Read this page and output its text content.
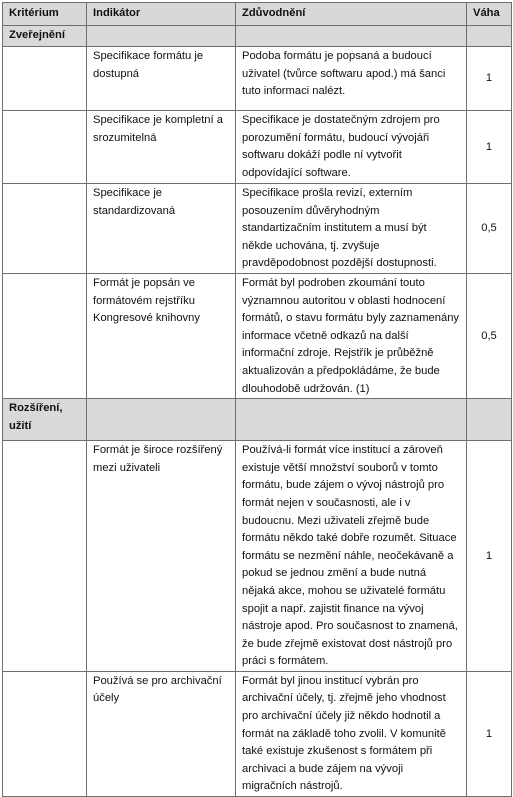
Kritérium	Indikátor	Zdůvodnění	Váha
Zveřejnění			
	Specifikace formátu je dostupná	Podoba formátu je popsaná a budoucí uživatel (tvůrce softwaru apod.) má šanci tuto informaci nalézt.	1
	Specifikace je kompletní a srozumitelná	Specifikace je dostatečným zdrojem pro porozumění formátu, budoucí vývojáři softwaru dokáží podle ní vytvořit odpovídající software.	1
	Specifikace je standardizovaná	Specifikace prošla revizí, externím posouzením důvěryhodným standartizačním institutem a musí být někde uchována, tj. zvyšuje pravděpodobnost pozdější dostupnosti.	0,5
	Formát je popsán ve formátovém rejstříku Kongresové knihovny	Formát byl podroben zkoumání touto významnou autoritou v oblasti hodnocení formátů, o stavu formátu byly zaznamenány informace včetně odkazů na další informační zdroje. Rejstřík je průběžně aktualizován a předpokládáme, že bude dlouhodobě udržován. (1)	0,5
Rozšíření, užití			
	Formát je široce rozšířený mezi uživateli	Používá-li formát více institucí a zároveň existuje větší množství souborů v tomto formátu, bude zájem o vývoj nástrojů pro formát nejen v současnosti, ale i v budoucnu. Mezi uživateli zřejmě bude formátu někdo také dobře rozumět. Situace formátu se nezmění náhle, neočekávaně a pokud se jednou změní a bude nutná nějaká akce, mohou se uživatelé formátu spojit a např. zajistit finance na vývoj nástroje apod. Pro současnost to znamená, že bude zřejmě existovat dost nástrojů pro práci s formátem.	1
	Používá se pro archivační účely	Formát byl jinou institucí vybrán pro archivační účely, tj. zřejmě jeho vhodnost pro archivační účely již někdo hodnotil a formát na základě toho zvolil. V komunitě také existuje zkušenost s formátem při archivaci a bude zájem na vývoji migračních nástrojů.	1
